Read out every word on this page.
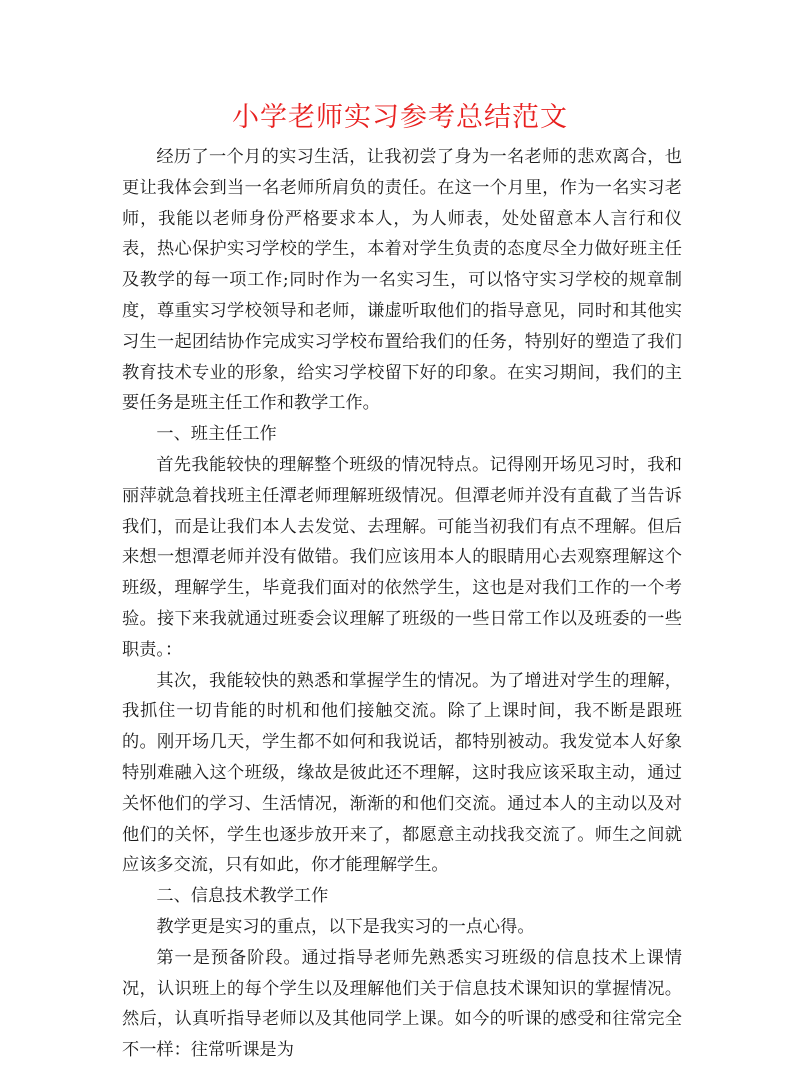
小学老师实习参考总结范文

经历了一个月的实习生活，让我初尝了身为一名老师的悲欢离合，也更让我体会到当一名老师所肩负的责任。在这一个月里，作为一名实习老师，我能以老师身份严格要求本人，为人师表，处处留意本人言行和仪表，热心保护实习学校的学生，本着对学生负责的态度尽全力做好班主任及教学的每一项工作;同时作为一名实习生，可以恪守实习学校的规章制度，尊重实习学校领导和老师，谦虚听取他们的指导意见，同时和其他实习生一起团结协作完成实习学校布置给我们的任务，特别好的塑造了我们教育技术专业的形象，给实习学校留下好的印象。在实习期间，我们的主要任务是班主任工作和教学工作。

一、班主任工作

首先我能较快的理解整个班级的情况特点。记得刚开场见习时，我和丽萍就急着找班主任潭老师理解班级情况。但潭老师并没有直截了当告诉我们，而是让我们本人去发觉、去理解。可能当初我们有点不理解。但后来想一想潭老师并没有做错。我们应该用本人的眼睛用心去观察理解这个班级，理解学生，毕竟我们面对的依然学生，这也是对我们工作的一个考验。接下来我就通过班委会议理解了班级的一些日常工作以及班委的一些职责。：

其次，我能较快的熟悉和掌握学生的情况。为了增进对学生的理解，我抓住一切肯能的时机和他们接触交流。除了上课时间，我不断是跟班的。刚开场几天，学生都不如何和我说话，都特别被动。我发觉本人好象特别难融入这个班级，缘故是彼此还不理解，这时我应该采取主动，通过关怀他们的学习、生活情况，渐渐的和他们交流。通过本人的主动以及对他们的关怀，学生也逐步放开来了，都愿意主动找我交流了。师生之间就应该多交流，只有如此，你才能理解学生。

二、信息技术教学工作

教学更是实习的重点，以下是我实习的一点心得。

第一是预备阶段。通过指导老师先熟悉实习班级的信息技术上课情况，认识班上的每个学生以及理解他们关于信息技术课知识的掌握情况。然后，认真听指导老师以及其他同学上课。如今的听课的感受和往常完全不一样：往常听课是为
